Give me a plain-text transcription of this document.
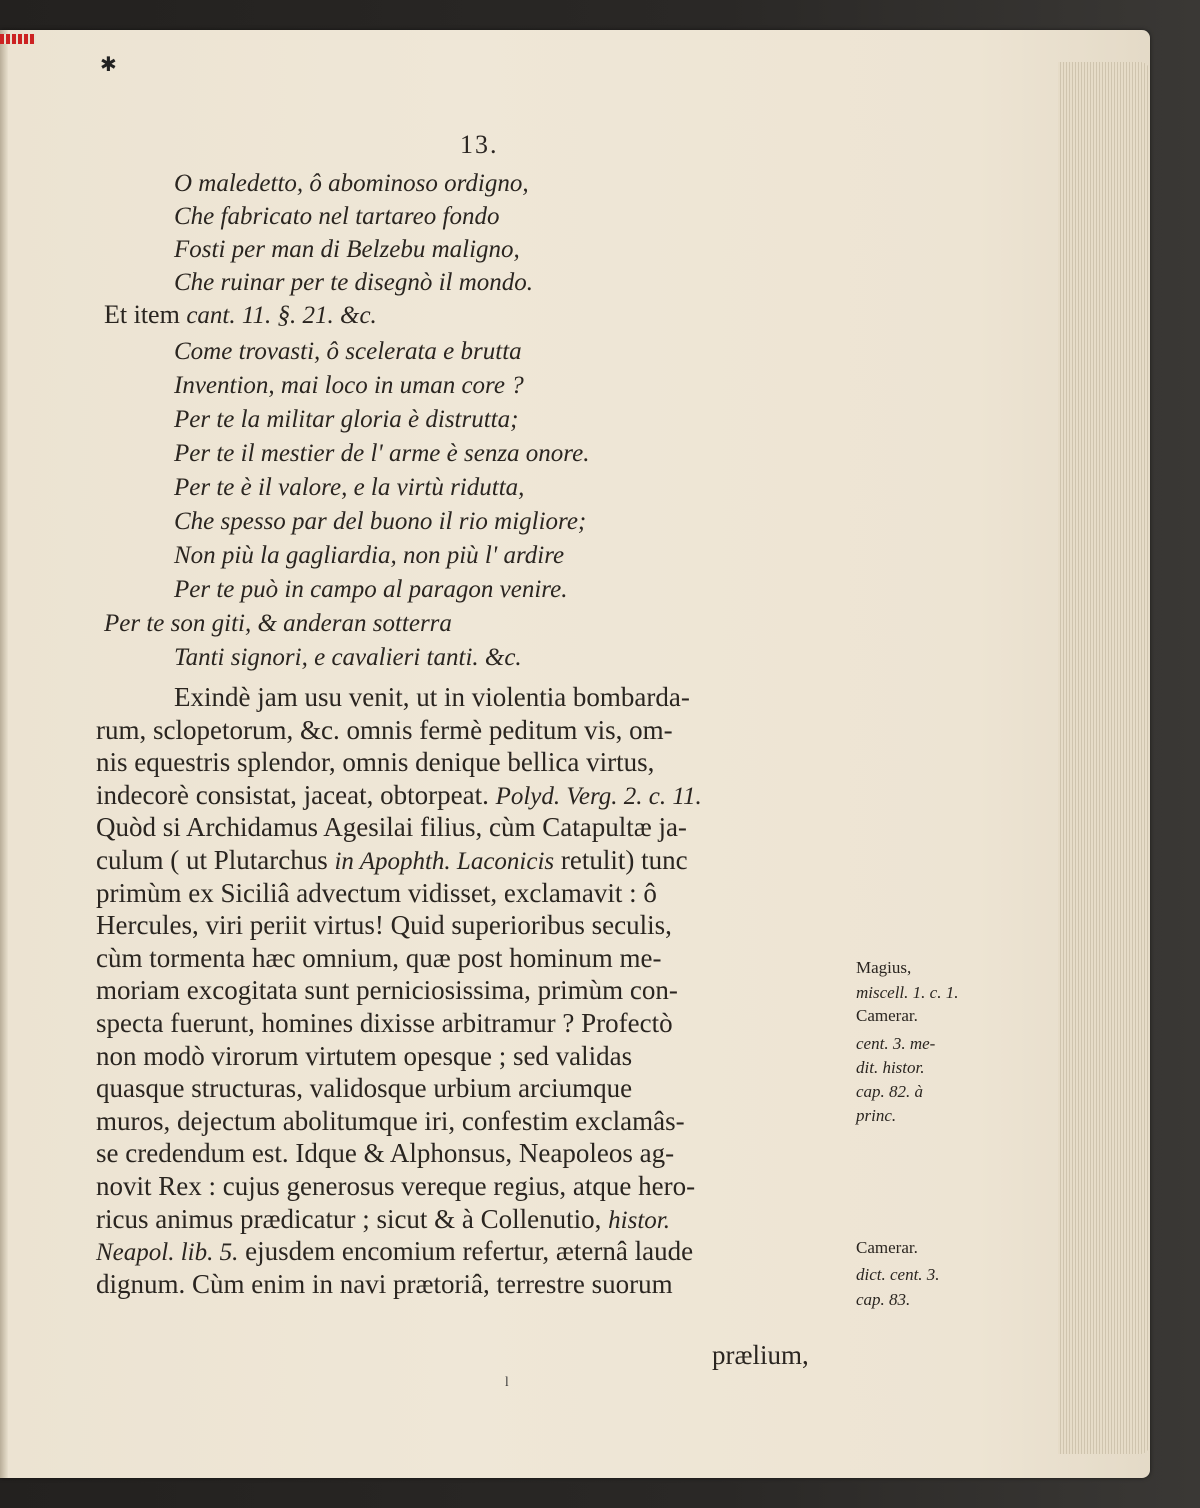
✱
13.
O maledetto, ô abominoso ordigno,
Che fabricato nel tartareo fondo
Fosti per man di Belzebu maligno,
Che ruinar per te disegnò il mondo.
Et item cant. 11. §. 21. &c.
Come trovasti, ô scelerata e brutta
Invention, mai loco in uman core ?
Per te la militar gloria è distrutta;
Per te il mestier de l' arme è senza onore.
Per te è il valore, e la virtù ridutta,
Che spesso par del buono il rio migliore;
Non più la gagliardia, non più l' ardire
Per te può in campo al paragon venire.
Per te son giti, & anderan sotterra
Tanti signori, e cavalieri tanti. &c.
Exindè jam usu venit, ut in violentia bombarda-
rum, sclopetorum, &c. omnis fermè peditum vis, om-
nis equestris splendor, omnis denique bellica virtus,
indecorè consistat, jaceat, obtorpeat. Polyd. Verg. 2. c. 11.
Quòd si Archidamus Agesilai filius, cùm Catapultæ ja-
culum ( ut Plutarchus in Apophth. Laconicis retulit) tunc
primùm ex Siciliâ advectum vidisset, exclamavit : ô
Hercules, viri periit virtus! Quid superioribus seculis,
cùm tormenta hæc omnium, quæ post hominum me-
moriam excogitata sunt perniciosissima, primùm con-
specta fuerunt, homines dixisse arbitramur ? Profectò
non modò virorum virtutem opesque ; sed validas
quasque structuras, validosque urbium arciumque
muros, dejectum abolitumque iri, confestim exclamâs-
se credendum est. Idque & Alphonsus, Neapoleos ag-
novit Rex : cujus generosus vereque regius, atque hero-
ricus animus prædicatur ; sicut & à Collenutio, histor.
Neapol. lib. 5. ejusdem encomium refertur, æternâ laude
dignum. Cùm enim in navi prætoriâ, terrestre suorum
Magius,
miscell. 1. c. 1.
Camerar.
cent. 3. me-
dit. histor.
cap. 82. à
princ.
Camerar.
dict. cent. 3.
cap. 83.
prælium,
ˡ
